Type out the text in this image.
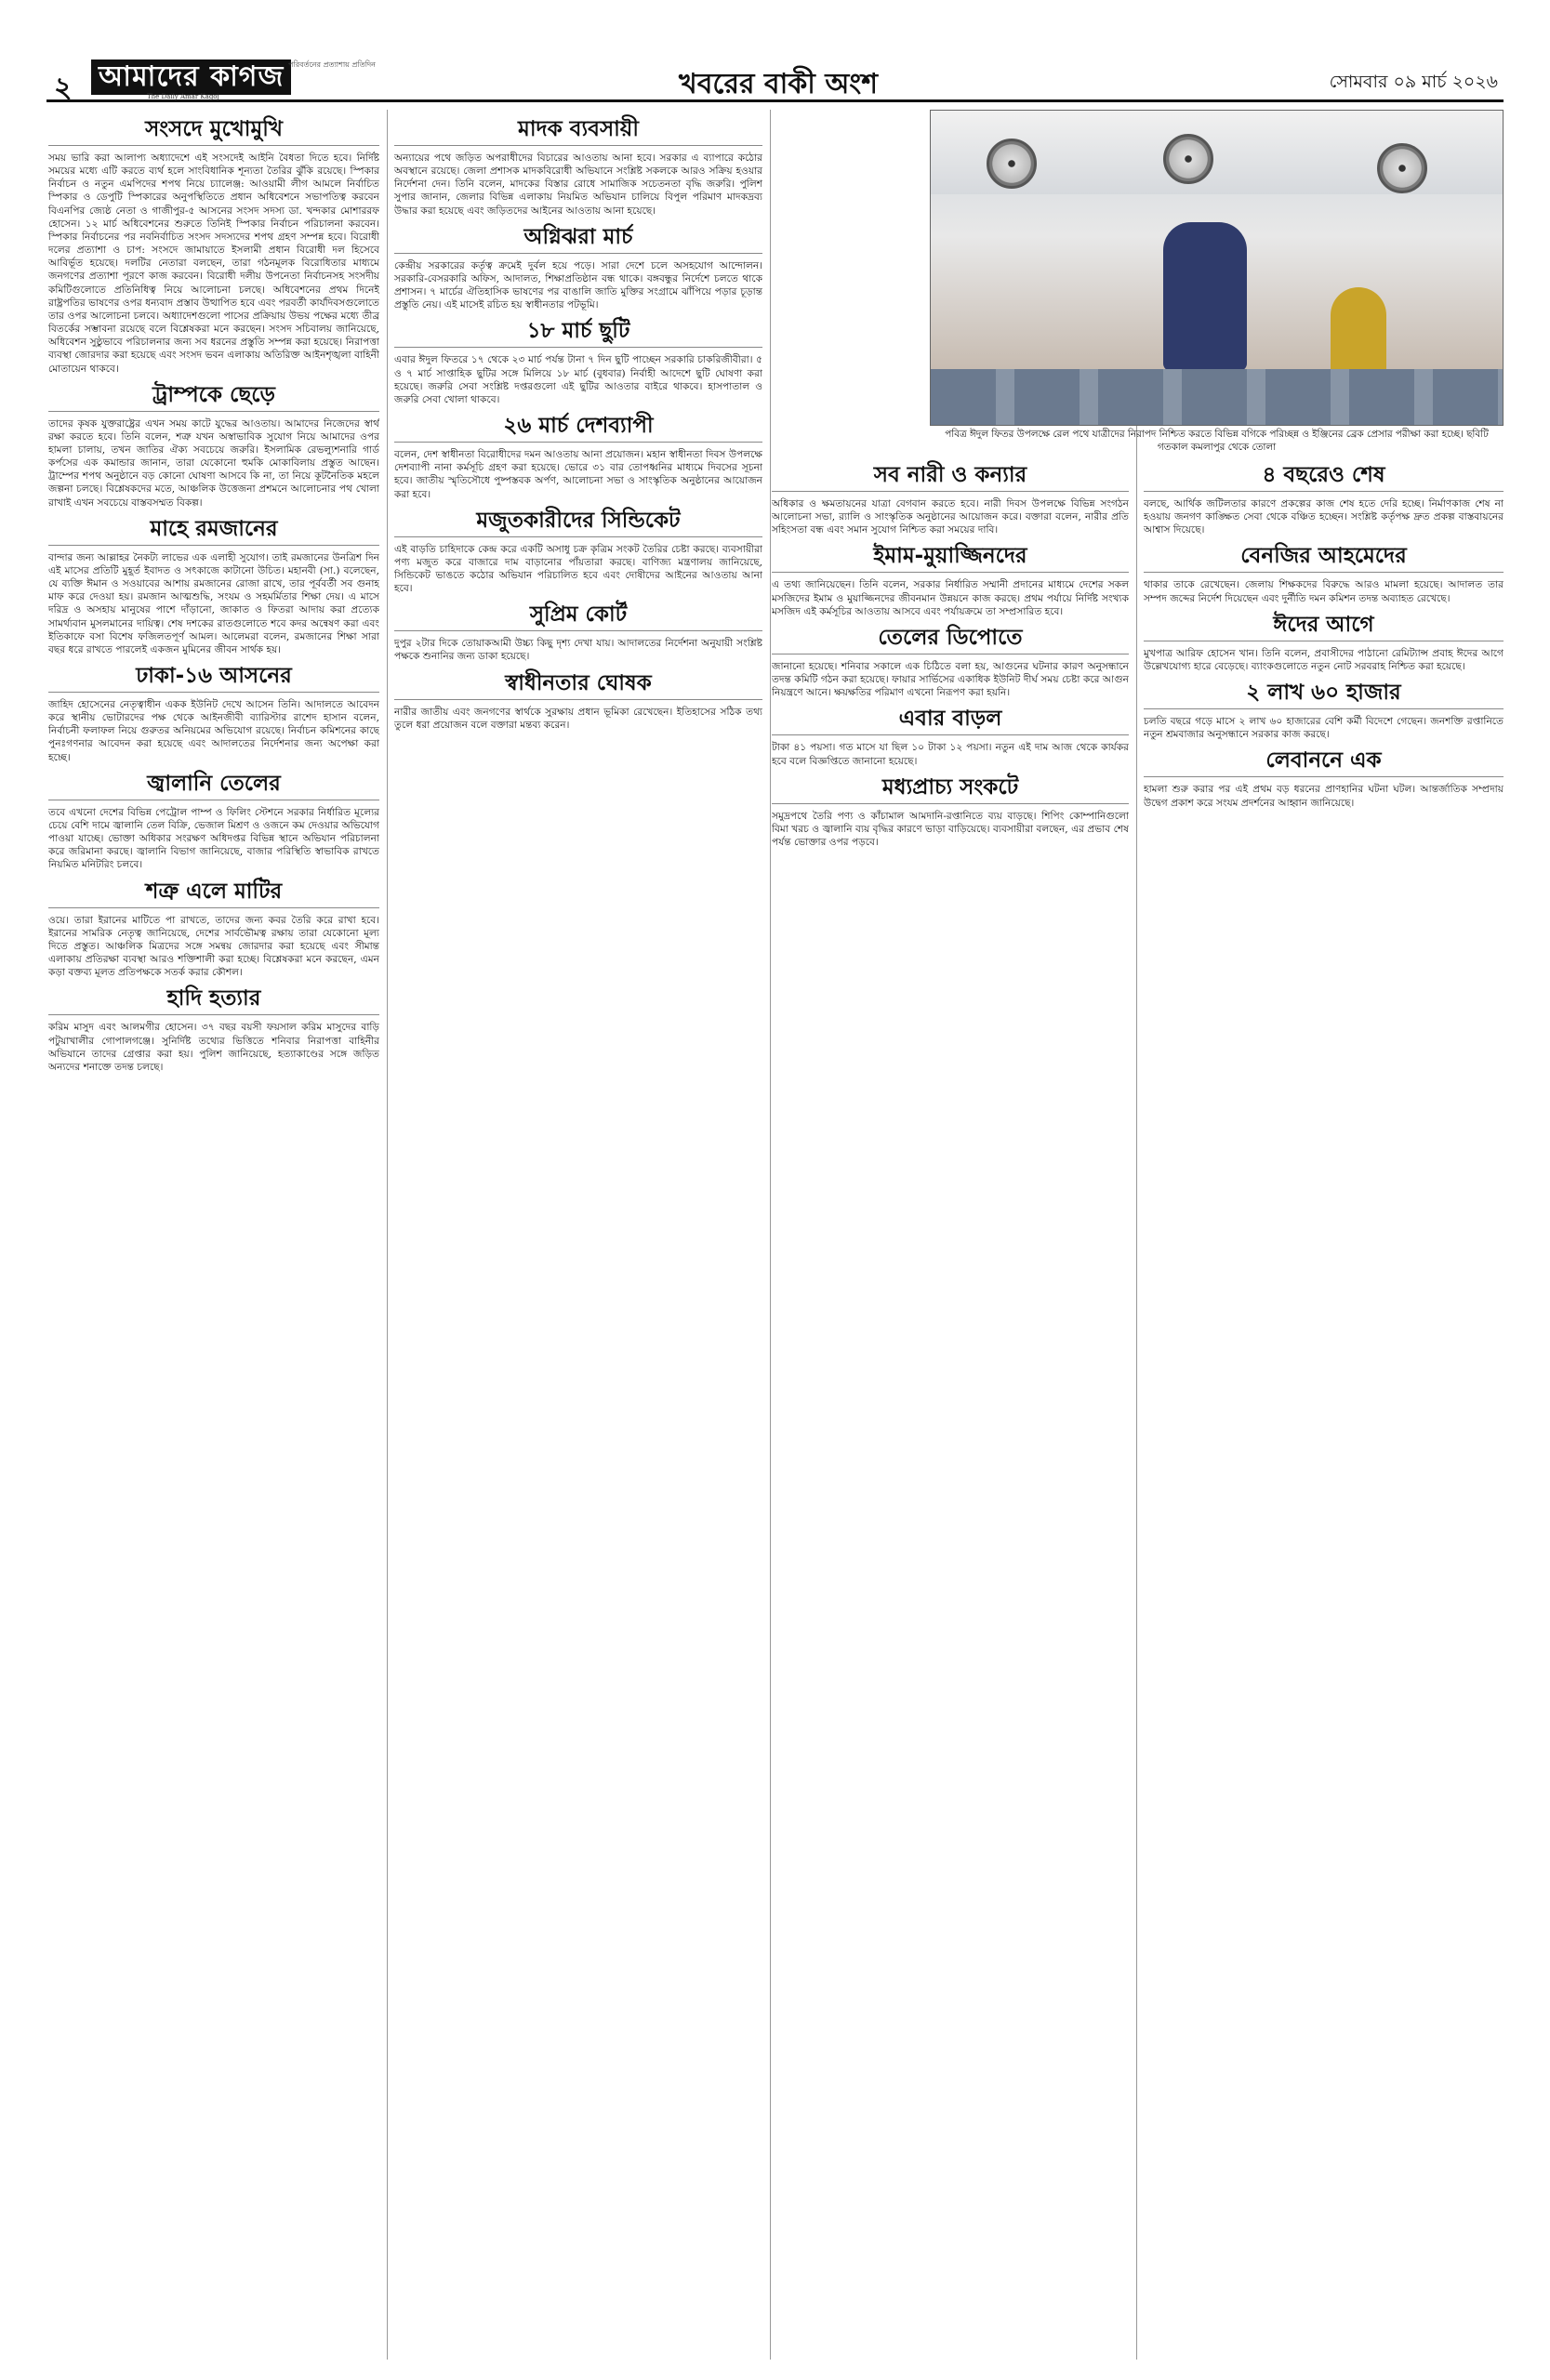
২ আমাদের কাগজ পরিবর্তনের প্রত্যাশায় প্রতিদিন
The Daily Amar Kagoj	খবরের বাকী অংশ	সোমবার ০৯ মার্চ ২০২৬
সংসদে মুখোমুখি

সময় ভারি করা আলাপ্য অধ্যাদেশে এই সংসদেই আইনি বৈধতা দিতে হবে। নির্দিষ্ট সময়ের মধ্যে এটি করতে ব্যর্থ হলে সাংবিধানিক শূন্যতা তৈরির ঝুঁকি রয়েছে। স্পিকার নির্বাচন ও নতুন এমপিদের শপথ নিয়ে চ্যালেঞ্জ: আওয়ামী লীগ আমলে নির্বাচিত স্পিকার ও ডেপুটি স্পিকারের অনুপস্থিতিতে প্রধান অধিবেশনে সভাপতিত্ব করবেন বিএনপির জ্যেষ্ঠ নেতা ও গাজীপুর-৫ আসনের সংসদ সদস্য ডা. খন্দকার মোশাররফ হোসেন। ১২ মার্চ অধিবেশনের শুরুতে তিনিই স্পিকার নির্বাচন পরিচালনা করবেন। স্পিকার নির্বাচনের পর নবনির্বাচিত সংসদ সদস্যদের শপথ গ্রহণ সম্পন্ন হবে। বিরোধী দলের প্রত্যাশা ও চাপ: সংসদে জামায়াতে ইসলামী প্রধান বিরোধী দল হিসেবে আবির্ভূত হয়েছে। দলটির নেতারা বলছেন, তারা গঠনমূলক বিরোধিতার মাধ্যমে জনগণের প্রত্যাশা পূরণে কাজ করবেন। বিরোধী দলীয় উপনেতা নির্বাচনসহ সংসদীয় কমিটিগুলোতে প্রতিনিধিত্ব নিয়ে আলোচনা চলছে। অধিবেশনের প্রথম দিনেই রাষ্ট্রপতির ভাষণের ওপর ধন্যবাদ প্রস্তাব উত্থাপিত হবে এবং পরবর্তী কার্যদিবসগুলোতে তার ওপর আলোচনা চলবে। অধ্যাদেশগুলো পাসের প্রক্রিয়ায় উভয় পক্ষের মধ্যে তীব্র বিতর্কের সম্ভাবনা রয়েছে বলে বিশ্লেষকরা মনে করছেন। সংসদ সচিবালয় জানিয়েছে, অধিবেশন সুষ্ঠুভাবে পরিচালনার জন্য সব ধরনের প্রস্তুতি সম্পন্ন করা হয়েছে। নিরাপত্তা ব্যবস্থা জোরদার করা হয়েছে এবং সংসদ ভবন এলাকায় অতিরিক্ত আইনশৃঙ্খলা বাহিনী মোতায়েন থাকবে।

ট্রাম্পকে ছেড়ে

তাদের কৃষক যুক্তরাষ্ট্রের এখন সময় কাটে যুদ্ধের আওতায়। আমাদের নিজেদের স্বার্থ রক্ষা করতে হবে। তিনি বলেন, শত্রু যখন অস্বাভাবিক সুযোগ নিয়ে আমাদের ওপর হামলা চালায়, তখন জাতির ঐক্য সবচেয়ে জরুরি। ইসলামিক রেভল্যুশনারি গার্ড কর্পসের এক কমান্ডার জানান, তারা যেকোনো হুমকি মোকাবিলায় প্রস্তুত আছেন। ট্রাম্পের শপথ অনুষ্ঠানে বড় কোনো ঘোষণা আসবে কি না, তা নিয়ে কূটনৈতিক মহলে জল্পনা চলছে। বিশ্লেষকদের মতে, আঞ্চলিক উত্তেজনা প্রশমনে আলোচনার পথ খোলা রাখাই এখন সবচেয়ে বাস্তবসম্মত বিকল্প।

মাহে রমজানের

বান্দার জন্য আল্লাহর নৈকট্য লাভের এক এলাহী সুযোগ। তাই রমজানের উনত্রিশ দিন এই মাসের প্রতিটি মুহূর্ত ইবাদত ও সৎকাজে কাটানো উচিত। মহানবী (সা.) বলেছেন, যে ব্যক্তি ঈমান ও সওয়াবের আশায় রমজানের রোজা রাখে, তার পূর্ববর্তী সব গুনাহ মাফ করে দেওয়া হয়। রমজান আত্মশুদ্ধি, সংযম ও সহমর্মিতার শিক্ষা দেয়। এ মাসে দরিদ্র ও অসহায় মানুষের পাশে দাঁড়ানো, জাকাত ও ফিতরা আদায় করা প্রত্যেক সামর্থ্যবান মুসলমানের দায়িত্ব। শেষ দশকের রাতগুলোতে শবে কদর অন্বেষণ করা এবং ইতিকাফে বসা বিশেষ ফজিলতপূর্ণ আমল। আলেমরা বলেন, রমজানের শিক্ষা সারা বছর ধরে রাখতে পারলেই একজন মুমিনের জীবন সার্থক হয়।

ঢাকা-১৬ আসনের

জাহিদ হোসেনের নেতৃত্বাধীন একক ইউনিট দেখে আসেন তিনি। আদালতে আবেদন করে স্থানীয় ভোটারদের পক্ষ থেকে আইনজীবী ব্যারিস্টার রাশেদ হাসান বলেন, নির্বাচনী ফলাফল নিয়ে গুরুতর অনিয়মের অভিযোগ রয়েছে। নির্বাচন কমিশনের কাছে পুনঃগণনার আবেদন করা হয়েছে এবং আদালতের নির্দেশনার জন্য অপেক্ষা করা হচ্ছে।

জ্বালানি তেলের

তবে এখনো দেশের বিভিন্ন পেট্রোল পাম্প ও ফিলিং স্টেশনে সরকার নির্ধারিত মূল্যের চেয়ে বেশি দামে জ্বালানি তেল বিক্রি, ভেজাল মিশ্রণ ও ওজনে কম দেওয়ার অভিযোগ পাওয়া যাচ্ছে। ভোক্তা অধিকার সংরক্ষণ অধিদপ্তর বিভিন্ন স্থানে অভিযান পরিচালনা করে জরিমানা করছে। জ্বালানি বিভাগ জানিয়েছে, বাজার পরিস্থিতি স্বাভাবিক রাখতে নিয়মিত মনিটরিং চলবে।

শত্রু এলে মাটির

ওয়ে। তারা ইরানের মাটিতে পা রাখতে, তাদের জন্য কবর তৈরি করে রাখা হবে। ইরানের সামরিক নেতৃত্ব জানিয়েছে, দেশের সার্বভৌমত্ব রক্ষায় তারা যেকোনো মূল্য দিতে প্রস্তুত। আঞ্চলিক মিত্রদের সঙ্গে সমন্বয় জোরদার করা হয়েছে এবং সীমান্ত এলাকায় প্রতিরক্ষা ব্যবস্থা আরও শক্তিশালী করা হচ্ছে। বিশ্লেষকরা মনে করছেন, এমন কড়া বক্তব্য মূলত প্রতিপক্ষকে সতর্ক করার কৌশল।

হাদি হত্যার

করিম মাসুদ এবং আলমগীর হোসেন। ৩৭ বছর বয়সী ফয়সাল করিম মাসুদের বাড়ি পটুয়াখালীর গোপালগঞ্জে। সুনির্দিষ্ট তথ্যের ভিত্তিতে শনিবার নিরাপত্তা বাহিনীর অভিযানে তাদের গ্রেপ্তার করা হয়। পুলিশ জানিয়েছে, হত্যাকাণ্ডের সঙ্গে জড়িত অন্যদের শনাক্তে তদন্ত চলছে।

মাদক ব্যবসায়ী

অন্যায়ের পথে জড়িত অপরাধীদের বিচারের আওতায় আনা হবে। সরকার এ ব্যাপারে কঠোর অবস্থানে রয়েছে। জেলা প্রশাসক মাদকবিরোধী অভিযানে সংশ্লিষ্ট সকলকে আরও সক্রিয় হওয়ার নির্দেশনা দেন। তিনি বলেন, মাদকের বিস্তার রোধে সামাজিক সচেতনতা বৃদ্ধি জরুরি। পুলিশ সুপার জানান, জেলার বিভিন্ন এলাকায় নিয়মিত অভিযান চালিয়ে বিপুল পরিমাণ মাদকদ্রব্য উদ্ধার করা হয়েছে এবং জড়িতদের আইনের আওতায় আনা হয়েছে।

অগ্নিঝরা মার্চ

কেন্দ্রীয় সরকারের কর্তৃত্ব ক্রমেই দুর্বল হয়ে পড়ে। সারা দেশে চলে অসহযোগ আন্দোলন। সরকারি-বেসরকারি অফিস, আদালত, শিক্ষাপ্রতিষ্ঠান বন্ধ থাকে। বঙ্গবন্ধুর নির্দেশে চলতে থাকে প্রশাসন। ৭ মার্চের ঐতিহাসিক ভাষণের পর বাঙালি জাতি মুক্তির সংগ্রামে ঝাঁপিয়ে পড়ার চূড়ান্ত প্রস্তুতি নেয়। এই মাসেই রচিত হয় স্বাধীনতার পটভূমি।

১৮ মার্চ ছুটি

এবার ঈদুল ফিতরে ১৭ থেকে ২৩ মার্চ পর্যন্ত টানা ৭ দিন ছুটি পাচ্ছেন সরকারি চাকরিজীবীরা। ৫ ও ৭ মার্চ সাপ্তাহিক ছুটির সঙ্গে মিলিয়ে ১৮ মার্চ (বুধবার) নির্বাহী আদেশে ছুটি ঘোষণা করা হয়েছে। জরুরি সেবা সংশ্লিষ্ট দপ্তরগুলো এই ছুটির আওতার বাইরে থাকবে। হাসপাতাল ও জরুরি সেবা খোলা থাকবে।

২৬ মার্চ দেশব্যাপী

বলেন, দেশ স্বাধীনতা বিরোধীদের দমন আওতায় আনা প্রয়োজন। মহান স্বাধীনতা দিবস উপলক্ষে দেশব্যাপী নানা কর্মসূচি গ্রহণ করা হয়েছে। ভোরে ৩১ বার তোপধ্বনির মাধ্যমে দিবসের সূচনা হবে। জাতীয় স্মৃতিসৌধে পুষ্পস্তবক অর্পণ, আলোচনা সভা ও সাংস্কৃতিক অনুষ্ঠানের আয়োজন করা হবে।

মজুতকারীদের সিন্ডিকেট

এই বাড়তি চাহিদাকে কেন্দ্র করে একটি অসাধু চক্র কৃত্রিম সংকট তৈরির চেষ্টা করছে। ব্যবসায়ীরা পণ্য মজুত করে বাজারে দাম বাড়ানোর পাঁয়তারা করছে। বাণিজ্য মন্ত্রণালয় জানিয়েছে, সিন্ডিকেট ভাঙতে কঠোর অভিযান পরিচালিত হবে এবং দোষীদের আইনের আওতায় আনা হবে।

সুপ্রিম কোর্ট

দুপুর ২টার দিকে তোয়াকআমী উচ্চ্য কিছু দৃশ্য দেখা যায়। আদালতের নির্দেশনা অনুযায়ী সংশ্লিষ্ট পক্ষকে শুনানির জন্য ডাকা হয়েছে।

স্বাধীনতার ঘোষক

নারীর জাতীয় এবং জনগণের স্বার্থকে সুরক্ষায় প্রধান ভূমিকা রেখেছেন। ইতিহাসের সঠিক তথ্য তুলে ধরা প্রয়োজন বলে বক্তারা মন্তব্য করেন।

পবিত্র ঈদুল ফিতর উপলক্ষে রেল পথে যাত্রীদের নিরাপদ নিশ্চিত করতে বিভিন্ন বগিকে পরিচ্ছন্ন ও ইঞ্জিনের ব্রেক প্রেসার পরীক্ষা করা হচ্ছে। ছবিটি গতকাল কমলাপুর থেকে তোলা
সব নারী ও কন্যার

অধিকার ও ক্ষমতায়নের যাত্রা বেগবান করতে হবে। নারী দিবস উপলক্ষে বিভিন্ন সংগঠন আলোচনা সভা, র‍্যালি ও সাংস্কৃতিক অনুষ্ঠানের আয়োজন করে। বক্তারা বলেন, নারীর প্রতি সহিংসতা বন্ধ এবং সমান সুযোগ নিশ্চিত করা সময়ের দাবি।

ইমাম-মুয়াজ্জিনদের

এ তথ্য জানিয়েছেন। তিনি বলেন, সরকার নির্ধারিত সম্মানী প্রদানের মাধ্যমে দেশের সকল মসজিদের ইমাম ও মুয়াজ্জিনদের জীবনমান উন্নয়নে কাজ করছে। প্রথম পর্যায়ে নির্দিষ্ট সংখ্যক মসজিদ এই কর্মসূচির আওতায় আসবে এবং পর্যায়ক্রমে তা সম্প্রসারিত হবে।

তেলের ডিপোতে

জানানো হয়েছে। শনিবার সকালে এক চিঠিতে বলা হয়, আগুনের ঘটনার কারণ অনুসন্ধানে তদন্ত কমিটি গঠন করা হয়েছে। ফায়ার সার্ভিসের একাধিক ইউনিট দীর্ঘ সময় চেষ্টা করে আগুন নিয়ন্ত্রণে আনে। ক্ষয়ক্ষতির পরিমাণ এখনো নিরূপণ করা হয়নি।

এবার বাড়ল

টাকা ৪১ পয়সা। গত মাসে যা ছিল ১০ টাকা ১২ পয়সা। নতুন এই দাম আজ থেকে কার্যকর হবে বলে বিজ্ঞপ্তিতে জানানো হয়েছে।

মধ্যপ্রাচ্য সংকটে

সমুদ্রপথে তৈরি পণ্য ও কাঁচামাল আমদানি-রপ্তানিতে ব্যয় বাড়ছে। শিপিং কোম্পানিগুলো বিমা খরচ ও জ্বালানি ব্যয় বৃদ্ধির কারণে ভাড়া বাড়িয়েছে। ব্যবসায়ীরা বলছেন, এর প্রভাব শেষ পর্যন্ত ভোক্তার ওপর পড়বে।

৪ বছরেও শেষ

বলছে, আর্থিক জটিলতার কারণে প্রকল্পের কাজ শেষ হতে দেরি হচ্ছে। নির্মাণকাজ শেষ না হওয়ায় জনগণ কাঙ্ক্ষিত সেবা থেকে বঞ্চিত হচ্ছেন। সংশ্লিষ্ট কর্তৃপক্ষ দ্রুত প্রকল্প বাস্তবায়নের আশ্বাস দিয়েছে।

বেনজির আহমেদের

থাকার তাকে রেখেছেন। জেলায় শিক্ষকদের বিরুদ্ধে আরও মামলা হয়েছে। আদালত তার সম্পদ জব্দের নির্দেশ দিয়েছেন এবং দুর্নীতি দমন কমিশন তদন্ত অব্যাহত রেখেছে।

ঈদের আগে

মুখপাত্র আরিফ হোসেন খান। তিনি বলেন, প্রবাসীদের পাঠানো রেমিট্যান্স প্রবাহ ঈদের আগে উল্লেখযোগ্য হারে বেড়েছে। ব্যাংকগুলোতে নতুন নোট সরবরাহ নিশ্চিত করা হয়েছে।

২ লাখ ৬০ হাজার

চলতি বছরে গড়ে মাসে ২ লাখ ৬০ হাজারের বেশি কর্মী বিদেশে গেছেন। জনশক্তি রপ্তানিতে নতুন শ্রমবাজার অনুসন্ধানে সরকার কাজ করছে।

লেবাননে এক

হামলা শুরু করার পর এই প্রথম বড় ধরনের প্রাণহানির ঘটনা ঘটল। আন্তর্জাতিক সম্প্রদায় উদ্বেগ প্রকাশ করে সংযম প্রদর্শনের আহ্বান জানিয়েছে।
